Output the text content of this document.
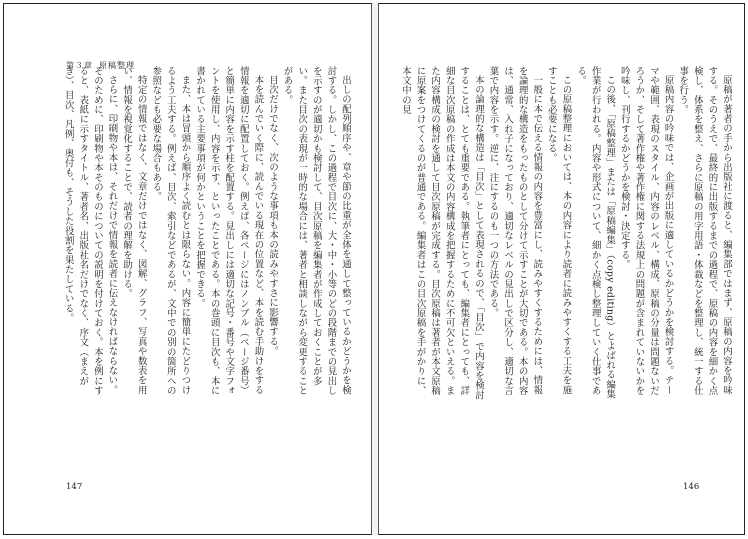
第３章 原稿整理

出しの配列順序や、章や節の比重が全体を通して整っているかどうかを検討する。しかし、この過程で目次に、大・中・小等のどの段階までの見出しを示すのが適切かも検討して、目次原稿を編集者が作成しておくことが多い。また目次の表現が一時的な場合には、著者と相談しながら変更することがある。

目次だけでなく、次のような事項も本の読みやすさに影響する。

本を読んでいく際に、読んでいる現在の位置など、本を読む手助けをする情報を適切に配置しておく。例えば、各ページにはノンブル（ページ番号）と簡単に内容を示す柱を配置する。見出しには適切な記号・番号や文字フォントを使用し、内容を示す、といったことである。本の巻頭に目次も、本に書かれている主要事項が何かということを把握できる。

また、本は冒頭から順序よく読むとは限らない。内容に簡単にたどりつけるよう工夫する。例えば、目次、索引などであるが、文中での別の箇所への参照なども必要な場合もある。

特定の情報ではなく、文章だけではなく、図解、グラフ、写真や数表を用い、情報を視覚化することで、読者の理解を助ける。

さらに、印刷物や本は、それだけで情報を読者に伝えなければならない。そのために、印刷物や本そのものについての説明を付けておく。本を例にすると、表紙に示すタイトル、著者名、出版社名だけでなく、序文（まえがき）、目次、凡例、奥付も、そうした役割を果たしている。

147

原稿が著者の手から出版社に渡ると、編集部ではまず、原稿の内容を吟味する。そのうえで、最終的に出版するまでの過程で、原稿の内容を細かく点検し、体系を整え、さらに原稿の用字用語・体裁などを整理し、統一する仕事を行う。

原稿内容の吟味では、企画が出版に適しているかどうかを検討する。テーマや範囲、表現のスタイル、内容のレベル、構成、原稿の分量は問題ないだろうか、そして著作権や著作権に関する法規上の問題が含まれていないかを吟味し、刊行するかどうかを検討・決定する。

この後、「原稿整理」または「原稿編集」（copy editing）とよばれる編集作業が行われる。内容や形式について、細かく点検し整理していく仕事である。

この原稿整理においては、本の内容により読者に読みやすくする工夫を施すことも必要になる。

一般に本で伝える情報の内容を豊富にし、読みやすくするためには、情報を論理的な構造をもったものとして分けて示すことが大切である。本の内容は、通常、入れ子になっており、適切なレベルの見出しで区分し、適切な言葉で内容を示す。逆に、注にするのも一つの方法である。

本の論理的な構造は「目次」として表現されるので、「目次」で内容を検討することは、とても重要である。執筆者にとっても、編集者にとっても、詳細な目次原稿の作成は本文の内容構成を把握するために不可欠といえる。また内容構成の検討を通して目次原稿が完成する。目次原稿は著者が本文原稿に原案をつけてくるのが普通である。編集者はこの目次原稿を手がかりに、本文中の見

146
